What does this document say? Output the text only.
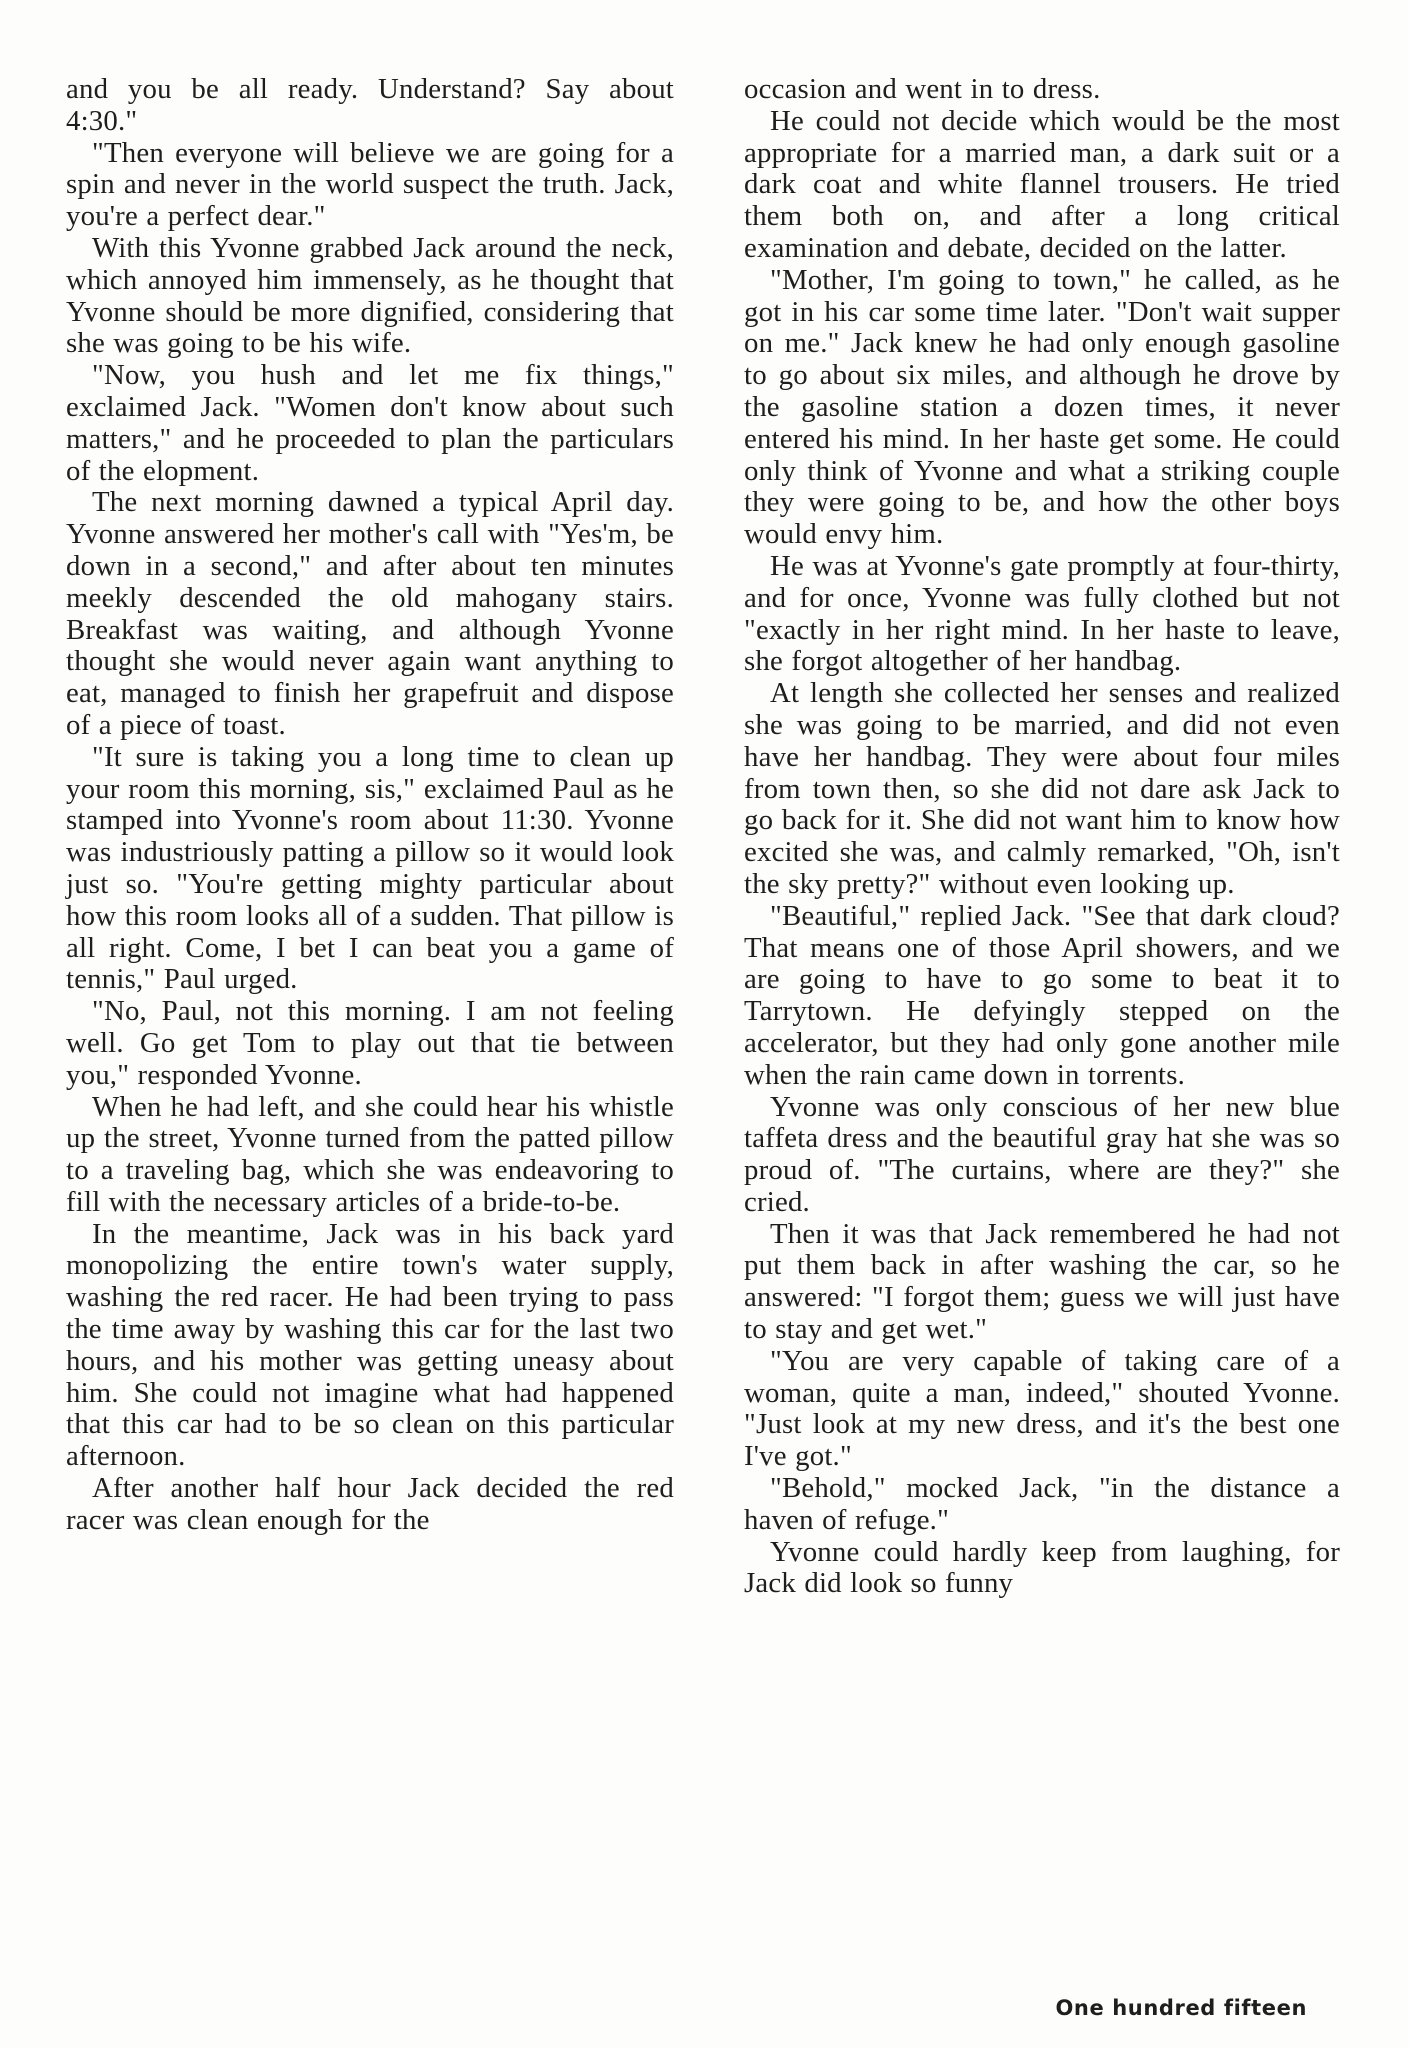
and you be all ready. Understand? Say about 4:30."

"Then everyone will believe we are going for a spin and never in the world suspect the truth. Jack, you're a perfect dear."

With this Yvonne grabbed Jack around the neck, which annoyed him immensely, as he thought that Yvonne should be more dignified, considering that she was going to be his wife.

"Now, you hush and let me fix things," exclaimed Jack. "Women don't know about such matters," and he proceeded to plan the particulars of the elopment.

The next morning dawned a typical April day. Yvonne answered her mother's call with "Yes'm, be down in a second," and after about ten minutes meekly descended the old mahogany stairs. Breakfast was waiting, and although Yvonne thought she would never again want anything to eat, managed to finish her grapefruit and dispose of a piece of toast.

"It sure is taking you a long time to clean up your room this morning, sis," exclaimed Paul as he stamped into Yvonne's room about 11:30. Yvonne was industriously patting a pillow so it would look just so. "You're getting mighty particular about how this room looks all of a sudden. That pillow is all right. Come, I bet I can beat you a game of tennis," Paul urged.

"No, Paul, not this morning. I am not feeling well. Go get Tom to play out that tie between you," responded Yvonne.

When he had left, and she could hear his whistle up the street, Yvonne turned from the patted pillow to a traveling bag, which she was endeavoring to fill with the necessary articles of a bride-to-be.

In the meantime, Jack was in his back yard monopolizing the entire town's water supply, washing the red racer. He had been trying to pass the time away by washing this car for the last two hours, and his mother was getting uneasy about him. She could not imagine what had happened that this car had to be so clean on this particular afternoon.

After another half hour Jack decided the red racer was clean enough for the

occasion and went in to dress.

He could not decide which would be the most appropriate for a married man, a dark suit or a dark coat and white flannel trousers. He tried them both on, and after a long critical examination and debate, decided on the latter.

"Mother, I'm going to town," he called, as he got in his car some time later. "Don't wait supper on me." Jack knew he had only enough gasoline to go about six miles, and although he drove by the gasoline station a dozen times, it never entered his mind. In her haste get some. He could only think of Yvonne and what a striking couple they were going to be, and how the other boys would envy him.

He was at Yvonne's gate promptly at four-thirty, and for once, Yvonne was fully clothed but not "exactly in her right mind. In her haste to leave, she forgot altogether of her handbag.

At length she collected her senses and realized she was going to be married, and did not even have her handbag. They were about four miles from town then, so she did not dare ask Jack to go back for it. She did not want him to know how excited she was, and calmly remarked, "Oh, isn't the sky pretty?" without even looking up.

"Beautiful," replied Jack. "See that dark cloud? That means one of those April showers, and we are going to have to go some to beat it to Tarrytown. He defyingly stepped on the accelerator, but they had only gone another mile when the rain came down in torrents.

Yvonne was only conscious of her new blue taffeta dress and the beautiful gray hat she was so proud of. "The curtains, where are they?" she cried.

Then it was that Jack remembered he had not put them back in after washing the car, so he answered: "I forgot them; guess we will just have to stay and get wet."

"You are very capable of taking care of a woman, quite a man, indeed," shouted Yvonne. "Just look at my new dress, and it's the best one I've got."

"Behold," mocked Jack, "in the distance a haven of refuge."

Yvonne could hardly keep from laughing, for Jack did look so funny

One hundred fifteen
